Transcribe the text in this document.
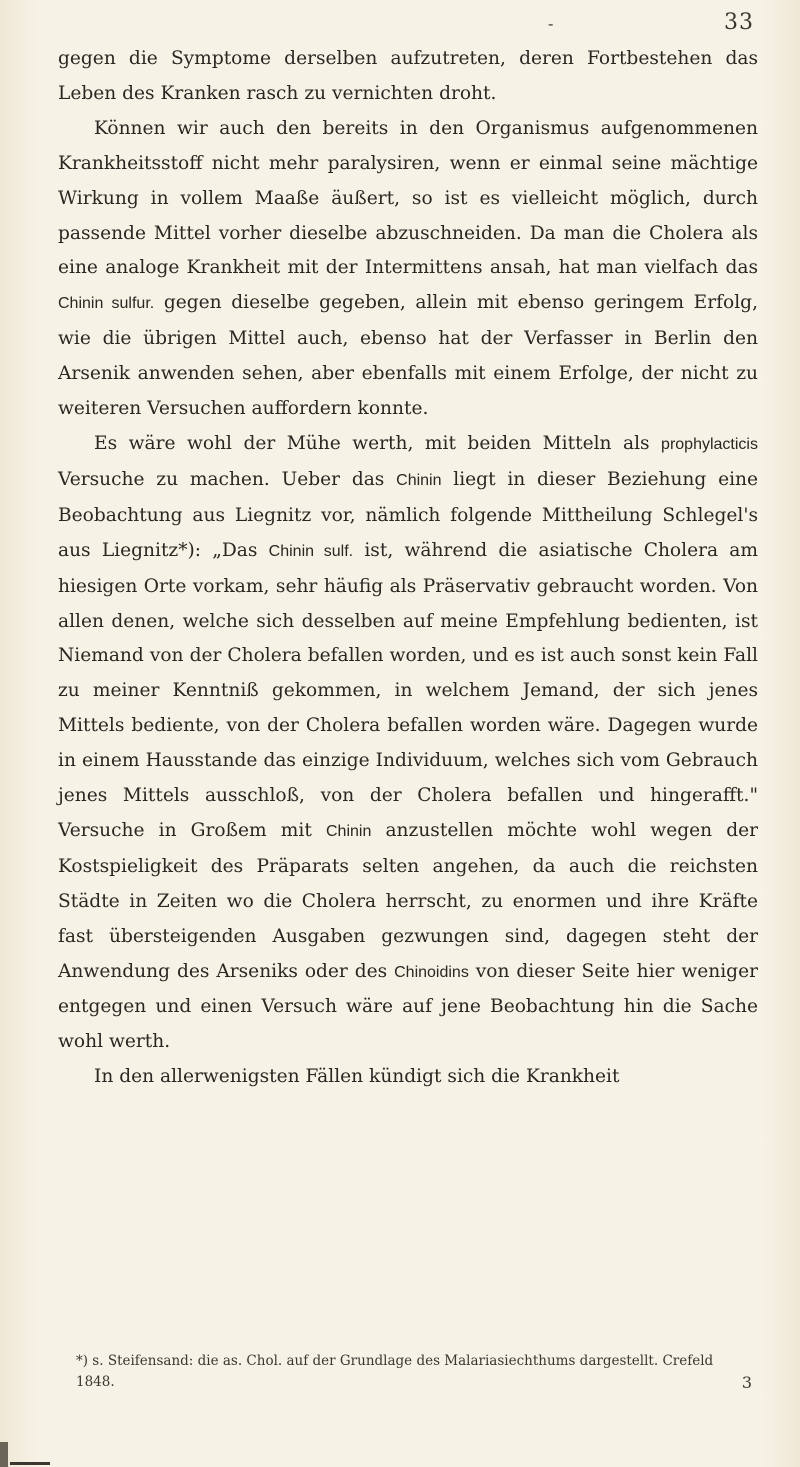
-	33

gegen die Symptome derselben aufzutreten, deren Fortbestehen das Leben des Kranken rasch zu vernichten droht.

Können wir auch den bereits in den Organismus aufgenommenen Krankheitsstoff nicht mehr paralysiren, wenn er einmal seine mächtige Wirkung in vollem Maaße äußert, so ist es vielleicht möglich, durch passende Mittel vorher dieselbe abzuschneiden. Da man die Cholera als eine analoge Krankheit mit der Intermittens ansah, hat man vielfach das Chinin sulfur. gegen dieselbe gegeben, allein mit ebenso geringem Erfolg, wie die übrigen Mittel auch, ebenso hat der Verfasser in Berlin den Arsenik anwenden sehen, aber ebenfalls mit einem Erfolge, der nicht zu weiteren Versuchen auffordern konnte.

Es wäre wohl der Mühe werth, mit beiden Mitteln als prophylacticis Versuche zu machen. Ueber das Chinin liegt in dieser Beziehung eine Beobachtung aus Liegnitz vor, nämlich folgende Mittheilung Schlegel's aus Liegnitz*): „Das Chinin sulf. ist, während die asiatische Cholera am hiesigen Orte vorkam, sehr häufig als Präservativ gebraucht worden. Von allen denen, welche sich desselben auf meine Empfehlung bedienten, ist Niemand von der Cholera befallen worden, und es ist auch sonst kein Fall zu meiner Kenntniß gekommen, in welchem Jemand, der sich jenes Mittels bediente, von der Cholera befallen worden wäre. Dagegen wurde in einem Hausstande das einzige Individuum, welches sich vom Gebrauch jenes Mittels ausschloß, von der Cholera befallen und hingerafft." Versuche in Großem mit Chinin anzustellen möchte wohl wegen der Kostspieligkeit des Präparats selten angehen, da auch die reichsten Städte in Zeiten wo die Cholera herrscht, zu enormen und ihre Kräfte fast übersteigenden Ausgaben gezwungen sind, dagegen steht der Anwendung des Arseniks oder des Chinoidins von dieser Seite hier weniger entgegen und einen Versuch wäre auf jene Beobachtung hin die Sache wohl werth.

In den allerwenigsten Fällen kündigt sich die Krankheit

*) s. Steifensand: die as. Chol. auf der Grundlage des Malariasiechthums dargestellt. Crefeld 1848.	3
